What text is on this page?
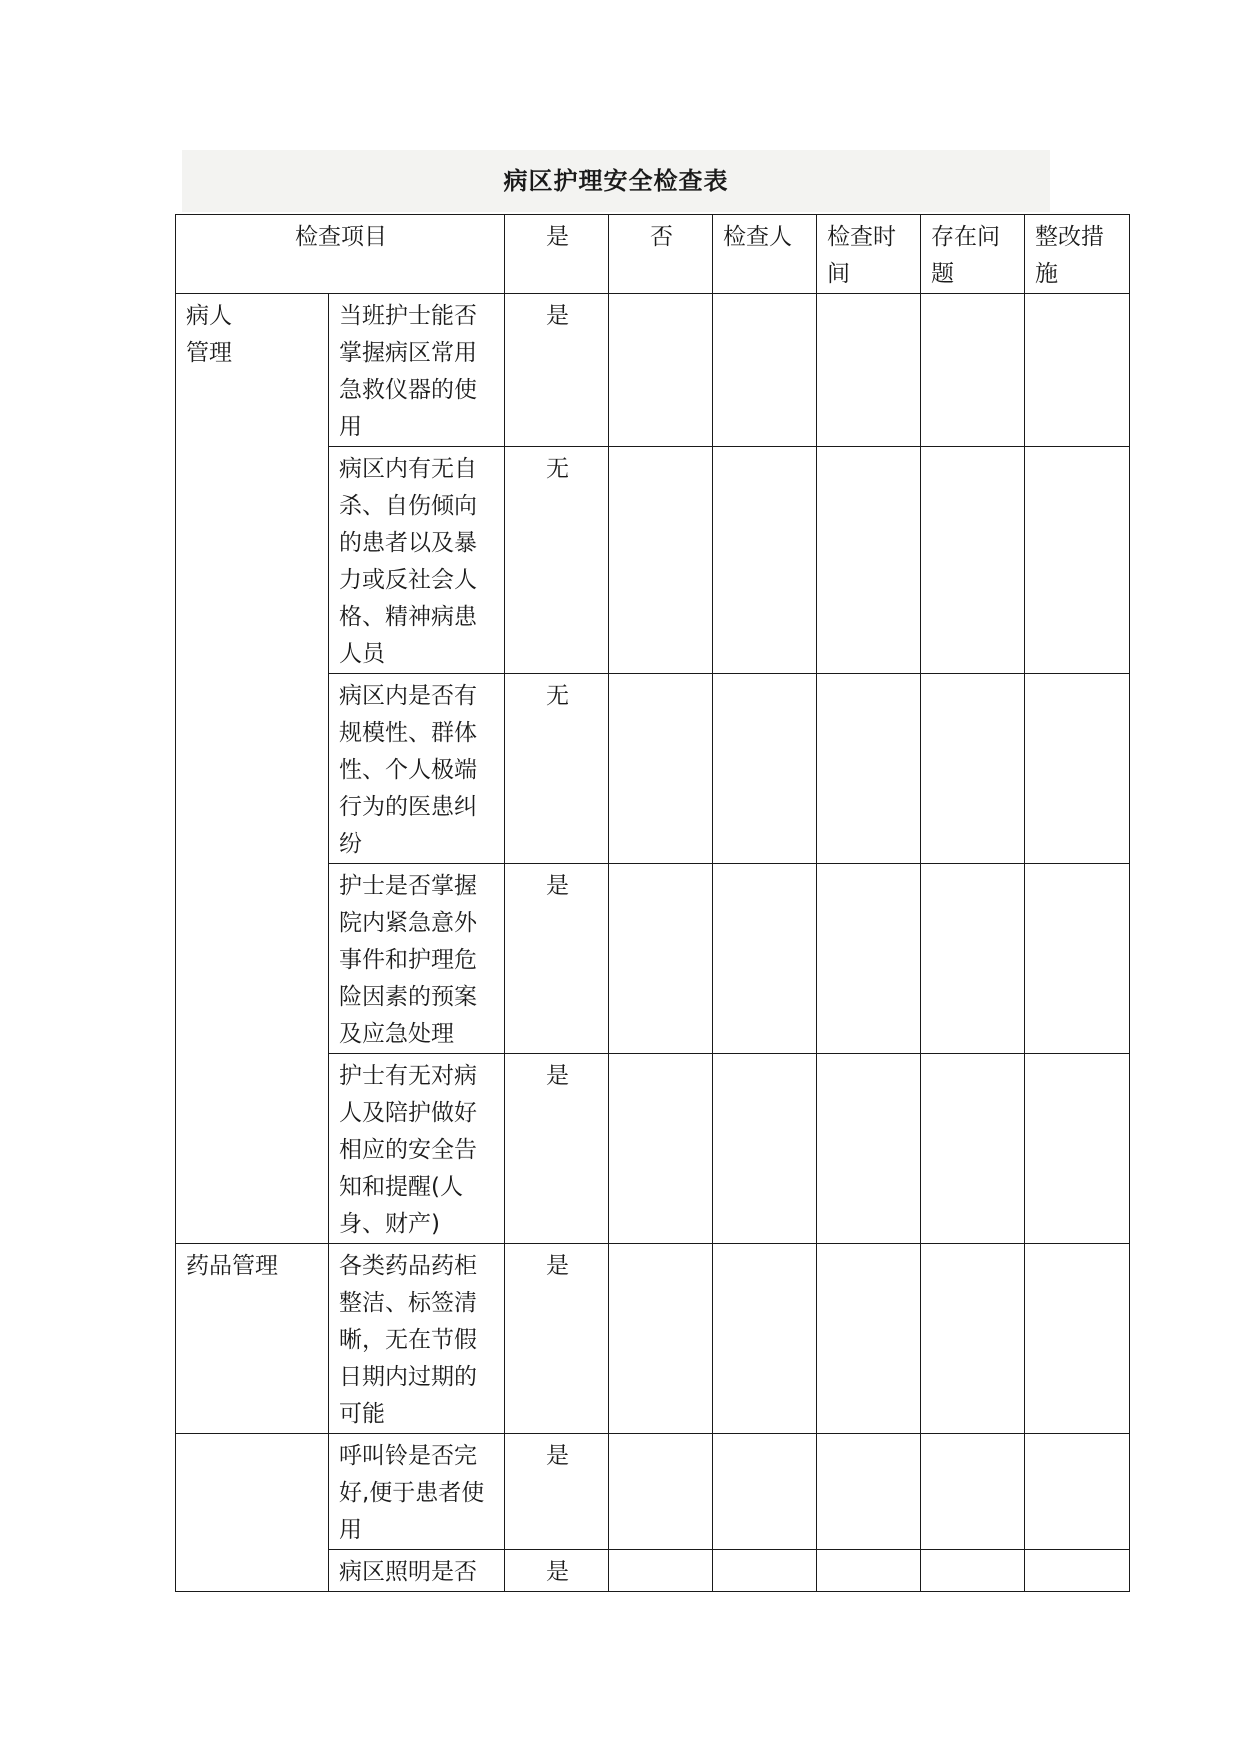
病区护理安全检查表
检查项目		是	否	检查人	检查时间	存在问题	整改措施

病人管理	当班护士能否掌握病区常用急救仪器的使用	是					
	病区内有无自杀、自伤倾向的患者以及暴力或反社会人格、精神病患人员	无					
	病区内是否有规模性、群体性、个人极端行为的医患纠纷	无					
	护士是否掌握院内紧急意外事件和护理危险因素的预案及应急处理	是					
	护士有无对病人及陪护做好相应的安全告知和提醒(人身、财产)	是					
药品管理	各类药品药柜整洁、标签清晰，无在节假日期内过期的可能	是					
	呼叫铃是否完好,便于患者使用	是					
	病区照明是否	是					
